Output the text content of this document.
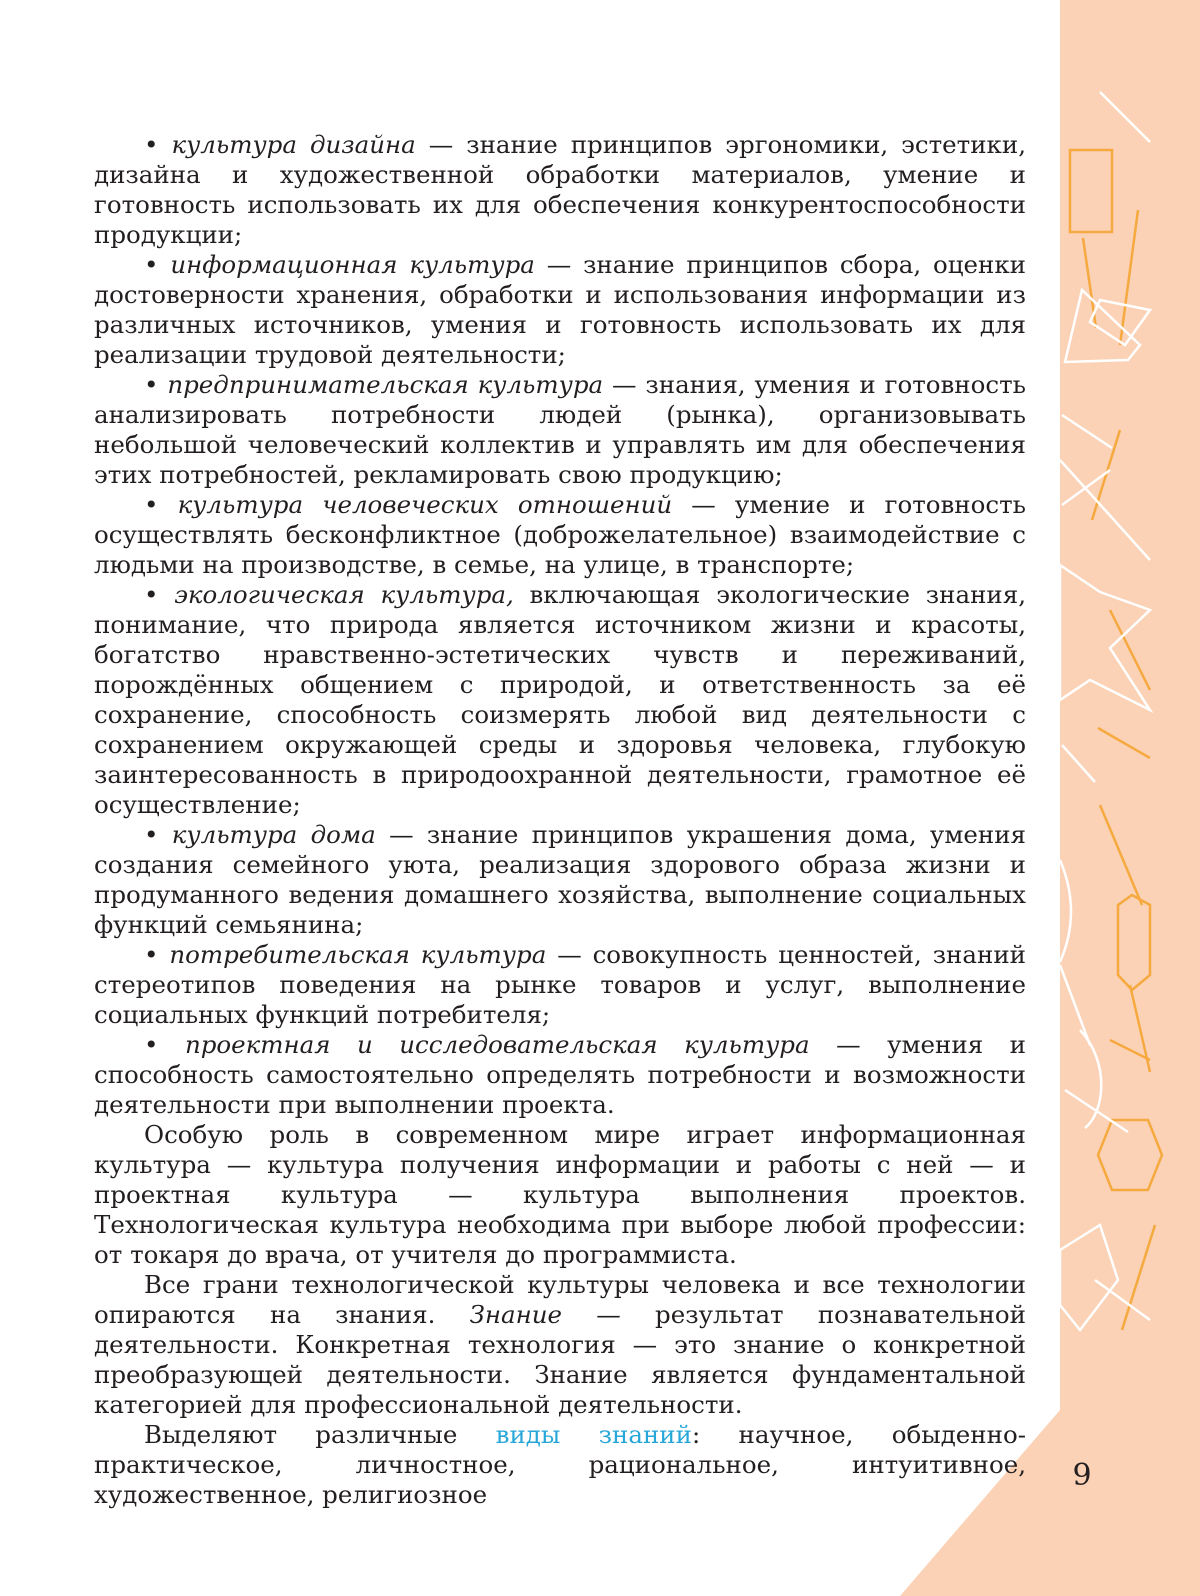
• культура дизайна — знание принципов эргономики, эстетики, дизайна и художественной обработки материалов, умение и готовность использовать их для обеспечения конкурентоспособности продукции;

• информационная культура — знание принципов сбора, оценки достоверности хранения, обработки и использования информации из различных источников, умения и готовность использовать их для реализации трудовой деятельности;

• предпринимательская культура — знания, умения и готовность анализировать потребности людей (рынка), организовывать небольшой человеческий коллектив и управлять им для обеспечения этих потребностей, рекламировать свою продукцию;

• культура человеческих отношений — умение и готовность осуществлять бесконфликтное (доброжелательное) взаимодействие с людьми на производстве, в семье, на улице, в транспорте;

• экологическая культура, включающая экологические знания, понимание, что природа является источником жизни и красоты, богатство нравственно-эстетических чувств и переживаний, порождённых общением с природой, и ответственность за её сохранение, способность соизмерять любой вид деятельности с сохранением окружающей среды и здоровья человека, глубокую заинтересованность в природоохранной деятельности, грамотное её осуществление;

• культура дома — знание принципов украшения дома, умения создания семейного уюта, реализация здорового образа жизни и продуманного ведения домашнего хозяйства, выполнение социальных функций семьянина;

• потребительская культура — совокупность ценностей, знаний стереотипов поведения на рынке товаров и услуг, выполнение социальных функций потребителя;

• проектная и исследовательская культура — умения и способность самостоятельно определять потребности и возможности деятельности при выполнении проекта.

Особую роль в современном мире играет информационная культура — культура получения информации и работы с ней — и проектная культура — культура выполнения проектов. Технологическая культура необходима при выборе любой профессии: от токаря до врача, от учителя до программиста.

Все грани технологической культуры человека и все технологии опираются на знания. Знание — результат познавательной деятельности. Конкретная технология — это знание о конкретной преобразующей деятельности. Знание является фундаментальной категорией для профессиональной деятельности.

Выделяют различные виды знаний: научное, обыденно-практическое, личностное, рациональное, интуитивное, художественное, религиозное

9
